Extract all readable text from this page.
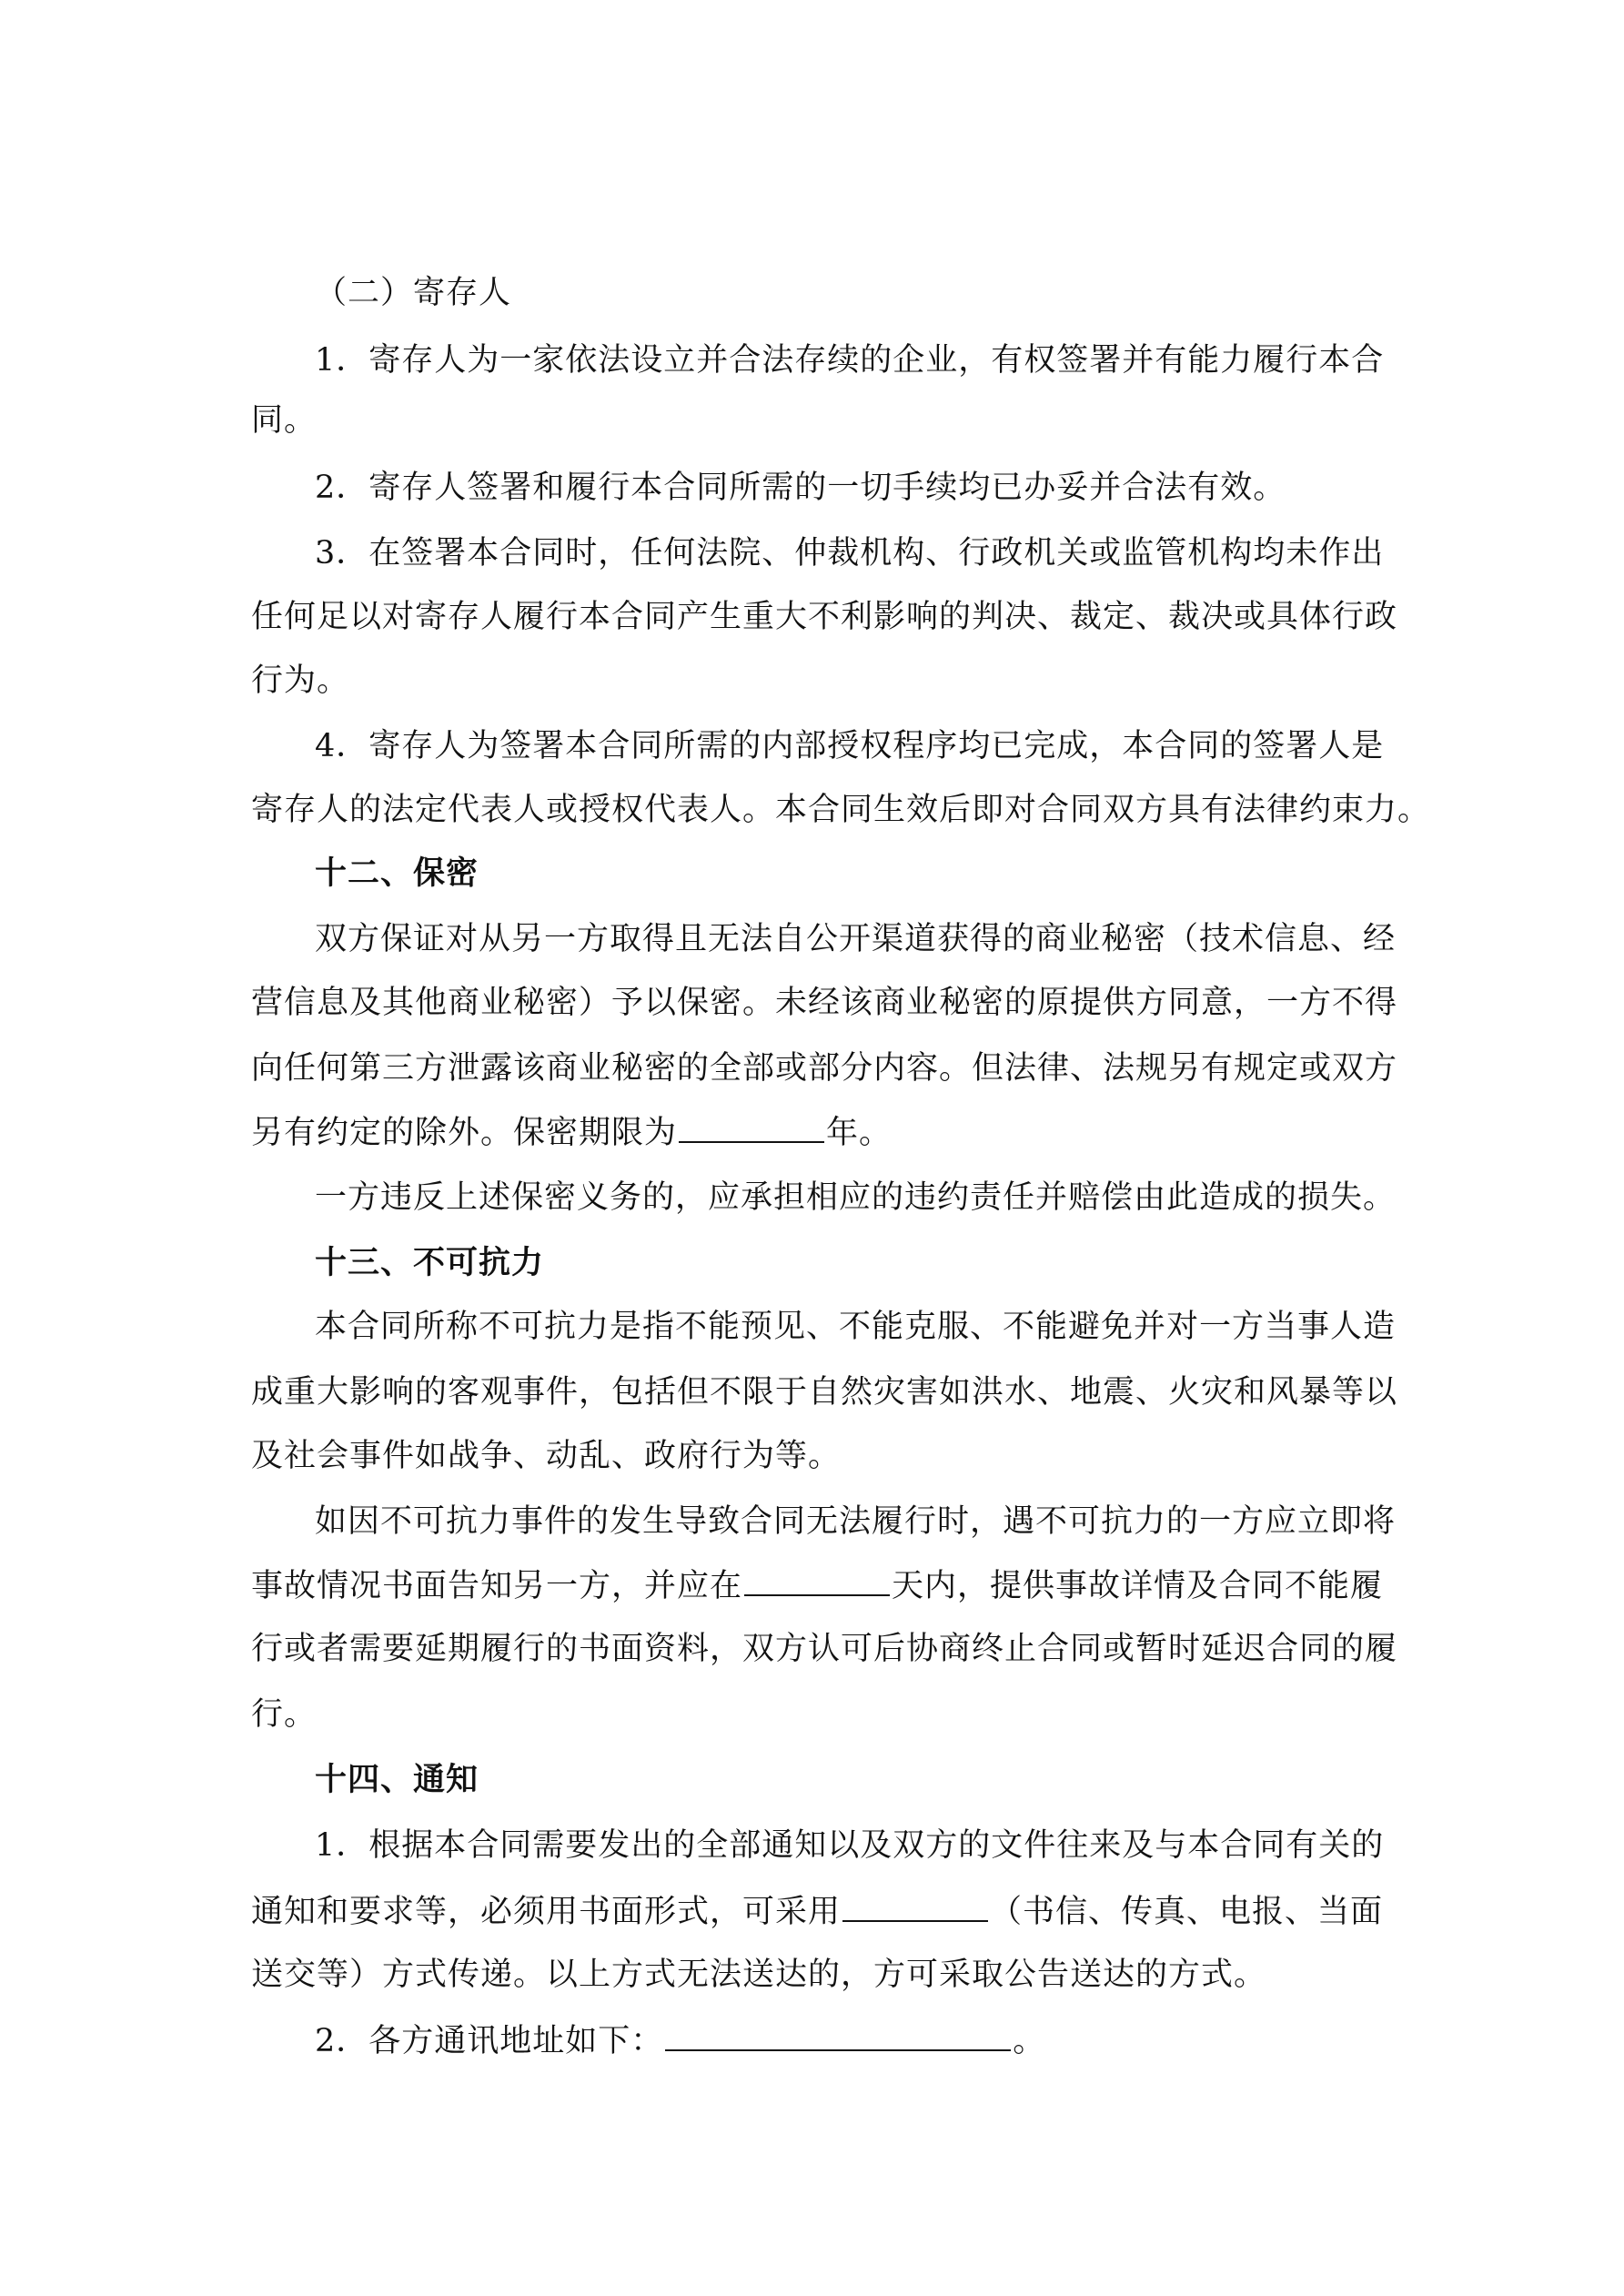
（二）寄存人
1．寄存人为一家依法设立并合法存续的企业，有权签署并有能力履行本合
同。
2．寄存人签署和履行本合同所需的一切手续均已办妥并合法有效。
3．在签署本合同时，任何法院、仲裁机构、行政机关或监管机构均未作出
任何足以对寄存人履行本合同产生重大不利影响的判决、裁定、裁决或具体行政
行为。
4．寄存人为签署本合同所需的内部授权程序均已完成，本合同的签署人是
寄存人的法定代表人或授权代表人。本合同生效后即对合同双方具有法律约束力。
十二、保密
双方保证对从另一方取得且无法自公开渠道获得的商业秘密（技术信息、经
营信息及其他商业秘密）予以保密。未经该商业秘密的原提供方同意，一方不得
向任何第三方泄露该商业秘密的全部或部分内容。但法律、法规另有规定或双方
另有约定的除外。保密期限为	年。
一方违反上述保密义务的，应承担相应的违约责任并赔偿由此造成的损失。
十三、不可抗力
本合同所称不可抗力是指不能预见、不能克服、不能避免并对一方当事人造
成重大影响的客观事件，包括但不限于自然灾害如洪水、地震、火灾和风暴等以
及社会事件如战争、动乱、政府行为等。
如因不可抗力事件的发生导致合同无法履行时，遇不可抗力的一方应立即将
事故情况书面告知另一方，并应在	天内，提供事故详情及合同不能履
行或者需要延期履行的书面资料，双方认可后协商终止合同或暂时延迟合同的履
行。
十四、通知
1．根据本合同需要发出的全部通知以及双方的文件往来及与本合同有关的
通知和要求等，必须用书面形式，可采用	（书信、传真、电报、当面
送交等）方式传递。以上方式无法送达的，方可采取公告送达的方式。
2．各方通讯地址如下：	。
